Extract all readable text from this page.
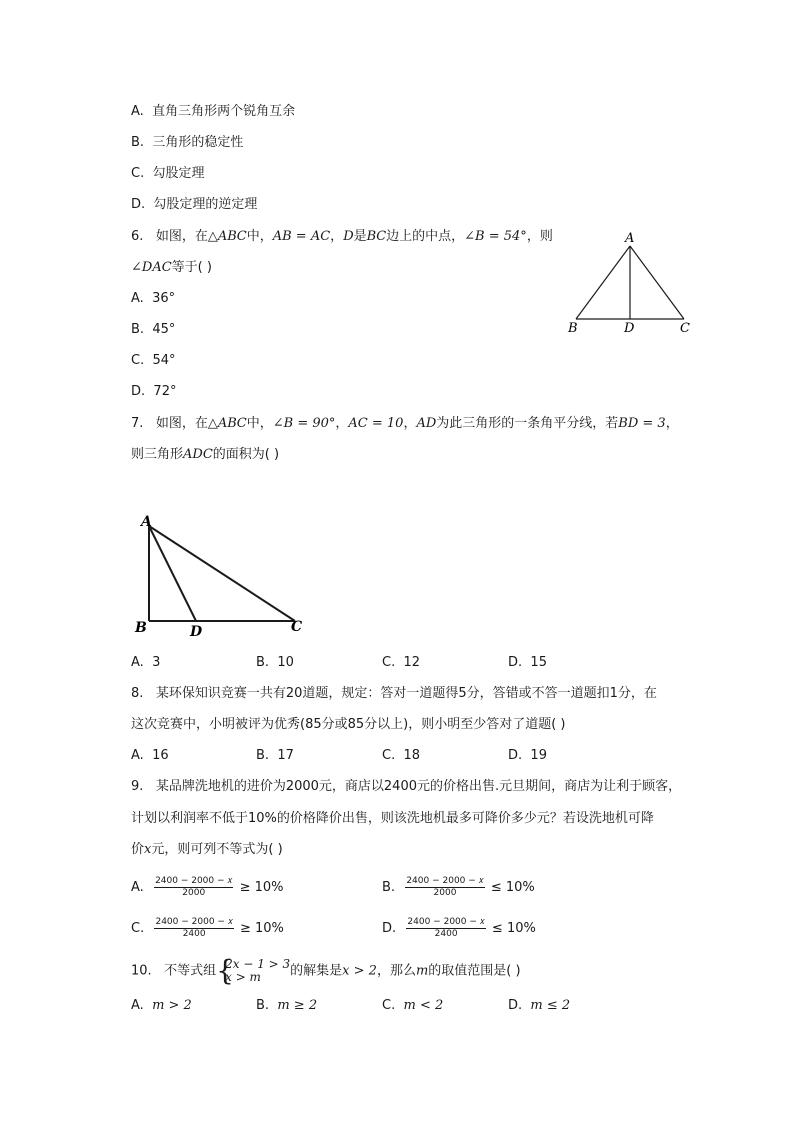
A. 直角三角形两个锐角互余
B. 三角形的稳定性
C. 勾股定理
D. 勾股定理的逆定理
6. 如图，在△𝐴𝐵𝐶中，𝐴𝐵 = 𝐴𝐶，𝐷是𝐵𝐶边上的中点，∠𝐵 = 54°，则
∠𝐷𝐴𝐶等于( )
A. 36°
B. 45°
C. 54°
D. 72°
A
B	D	C
7. 如图，在△𝐴𝐵𝐶中，∠𝐵 = 90°，𝐴𝐶 = 10，𝐴𝐷为此三角形的一条角平分线，若𝐵𝐷 = 3，
则三角形𝐴𝐷𝐶的面积为( )
A
B	D	C
A. 3	B. 10	C. 12	D. 15
8. 某环保知识竞赛一共有20道题，规定：答对一道题得5分，答错或不答一道题扣1分，在
这次竞赛中，小明被评为优秀(85分或85分以上)，则小明至少答对了道题( )
A. 16	B. 17	C. 18	D. 19
9. 某品牌洗地机的进价为2000元，商店以2400元的价格出售.元旦期间，商店为让利于顾客，
计划以利润率不低于10%的价格降价出售，则该洗地机最多可降价多少元？若设洗地机可降
价𝑥元，则可列不等式为( )
A. $\frac{\text{2400 − 2000 − 𝑥}}{2000} \ge 10\%$	B. $\frac{\text{2400 − 2000 − 𝑥}}{2000} \le 10\%$
C. $\frac{\text{2400 − 2000 − 𝑥}}{2400} \ge 10\%$	D. $\frac{\text{2400 − 2000 − 𝑥}}{2400} \le 10\%$
10. 不等式组 {
2𝑥 − 1 > 3
𝑥 > 𝑚	的解集是𝑥 > 2，那么𝑚的取值范围是( )
A. 𝑚 > 2	B. 𝑚 ≥ 2	C. 𝑚 < 2	D. 𝑚 ≤ 2
